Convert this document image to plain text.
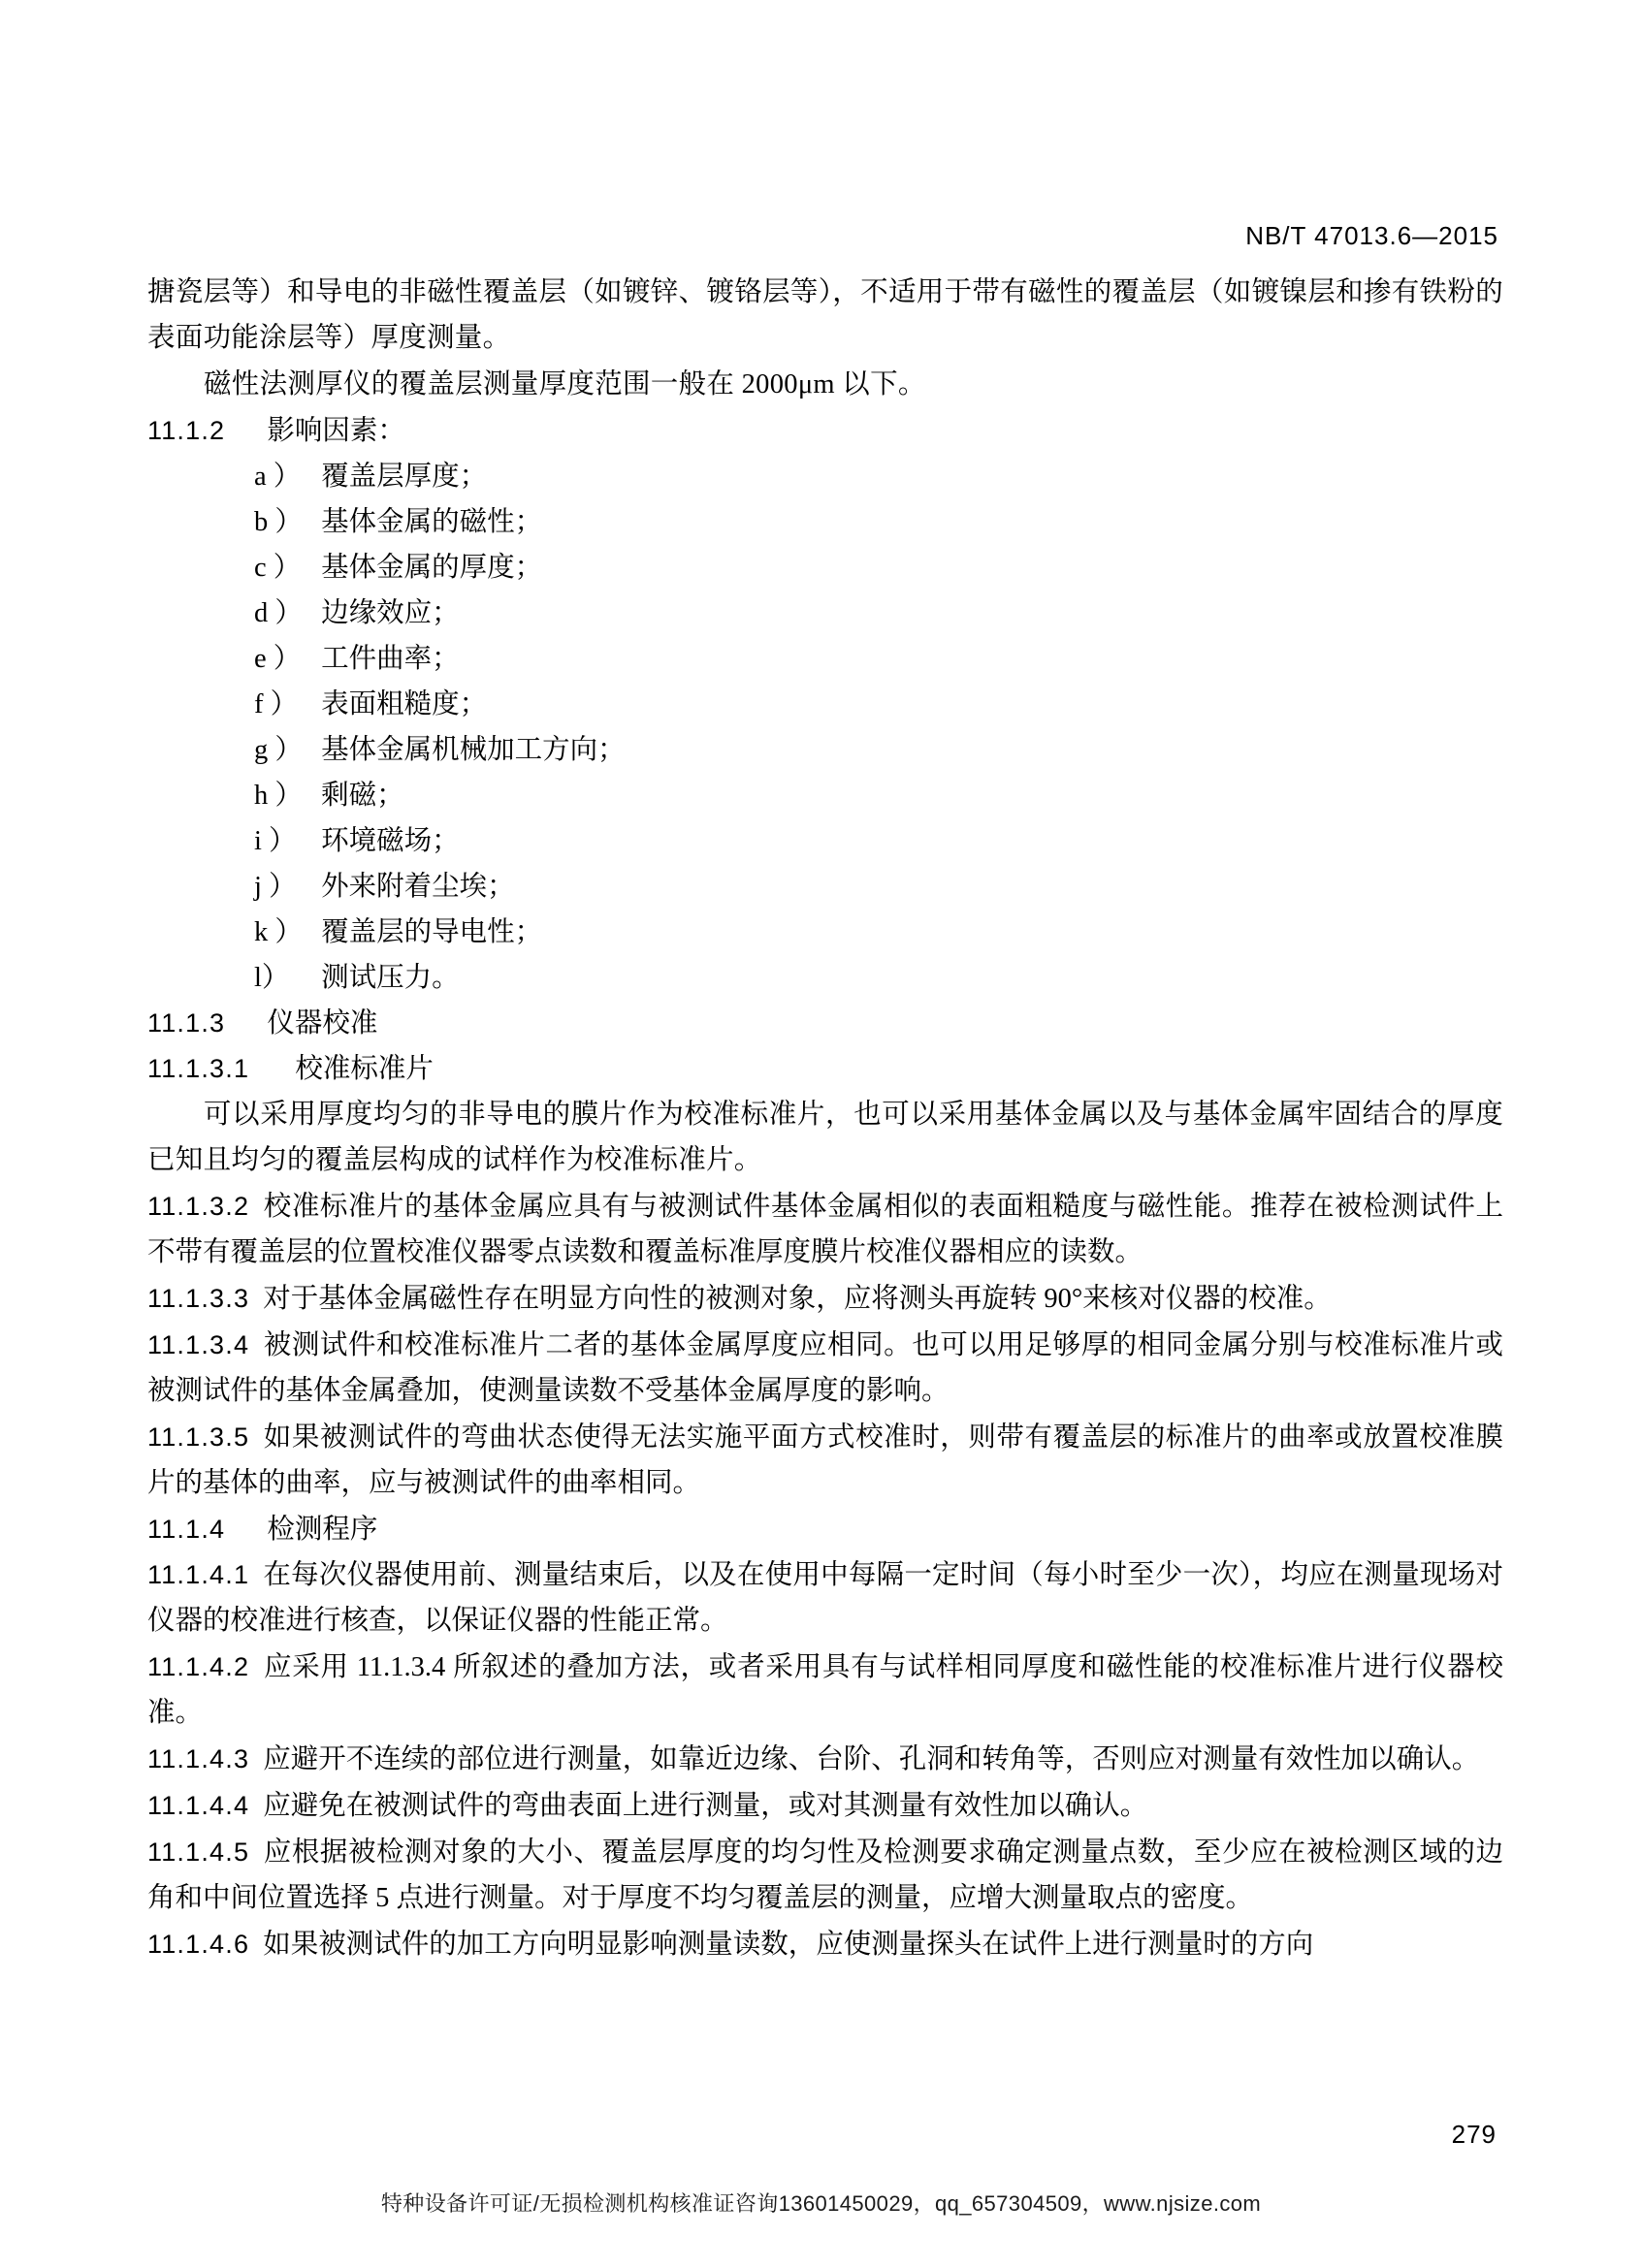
NB/T 47013.6—2015

搪瓷层等）和导电的非磁性覆盖层（如镀锌、镀铬层等），不适用于带有磁性的覆盖层（如镀镍层和掺有铁粉的表面功能涂层等）厚度测量。

磁性法测厚仪的覆盖层测量厚度范围一般在 2000μm 以下。

11.1.2 影响因素：

a ） 覆盖层厚度；

b ） 基体金属的磁性；

c ） 基体金属的厚度；

d ） 边缘效应；

e ） 工件曲率；

f ） 表面粗糙度；

g ） 基体金属机械加工方向；

h ） 剩磁；

i ） 环境磁场；

j ） 外来附着尘埃；

k ） 覆盖层的导电性；

l） 测试压力。

11.1.3 仪器校准

11.1.3.1 校准标准片

可以采用厚度均匀的非导电的膜片作为校准标准片，也可以采用基体金属以及与基体金属牢固结合的厚度已知且均匀的覆盖层构成的试样作为校准标准片。

11.1.3.2 校准标准片的基体金属应具有与被测试件基体金属相似的表面粗糙度与磁性能。推荐在被检测试件上不带有覆盖层的位置校准仪器零点读数和覆盖标准厚度膜片校准仪器相应的读数。

11.1.3.3 对于基体金属磁性存在明显方向性的被测对象，应将测头再旋转 90°来核对仪器的校准。

11.1.3.4 被测试件和校准标准片二者的基体金属厚度应相同。也可以用足够厚的相同金属分别与校准标准片或被测试件的基体金属叠加，使测量读数不受基体金属厚度的影响。

11.1.3.5 如果被测试件的弯曲状态使得无法实施平面方式校准时，则带有覆盖层的标准片的曲率或放置校准膜片的基体的曲率，应与被测试件的曲率相同。

11.1.4 检测程序

11.1.4.1 在每次仪器使用前、测量结束后，以及在使用中每隔一定时间（每小时至少一次），均应在测量现场对仪器的校准进行核查，以保证仪器的性能正常。

11.1.4.2 应采用 11.1.3.4 所叙述的叠加方法，或者采用具有与试样相同厚度和磁性能的校准标准片进行仪器校准。

11.1.4.3 应避开不连续的部位进行测量，如靠近边缘、台阶、孔洞和转角等，否则应对测量有效性加以确认。

11.1.4.4 应避免在被测试件的弯曲表面上进行测量，或对其测量有效性加以确认。

11.1.4.5 应根据被检测对象的大小、覆盖层厚度的均匀性及检测要求确定测量点数，至少应在被检测区域的边角和中间位置选择 5 点进行测量。对于厚度不均匀覆盖层的测量，应增大测量取点的密度。

11.1.4.6 如果被测试件的加工方向明显影响测量读数，应使测量探头在试件上进行测量时的方向

279
特种设备许可证/无损检测机构核准证咨询13601450029，qq_657304509，www.njsize.com
